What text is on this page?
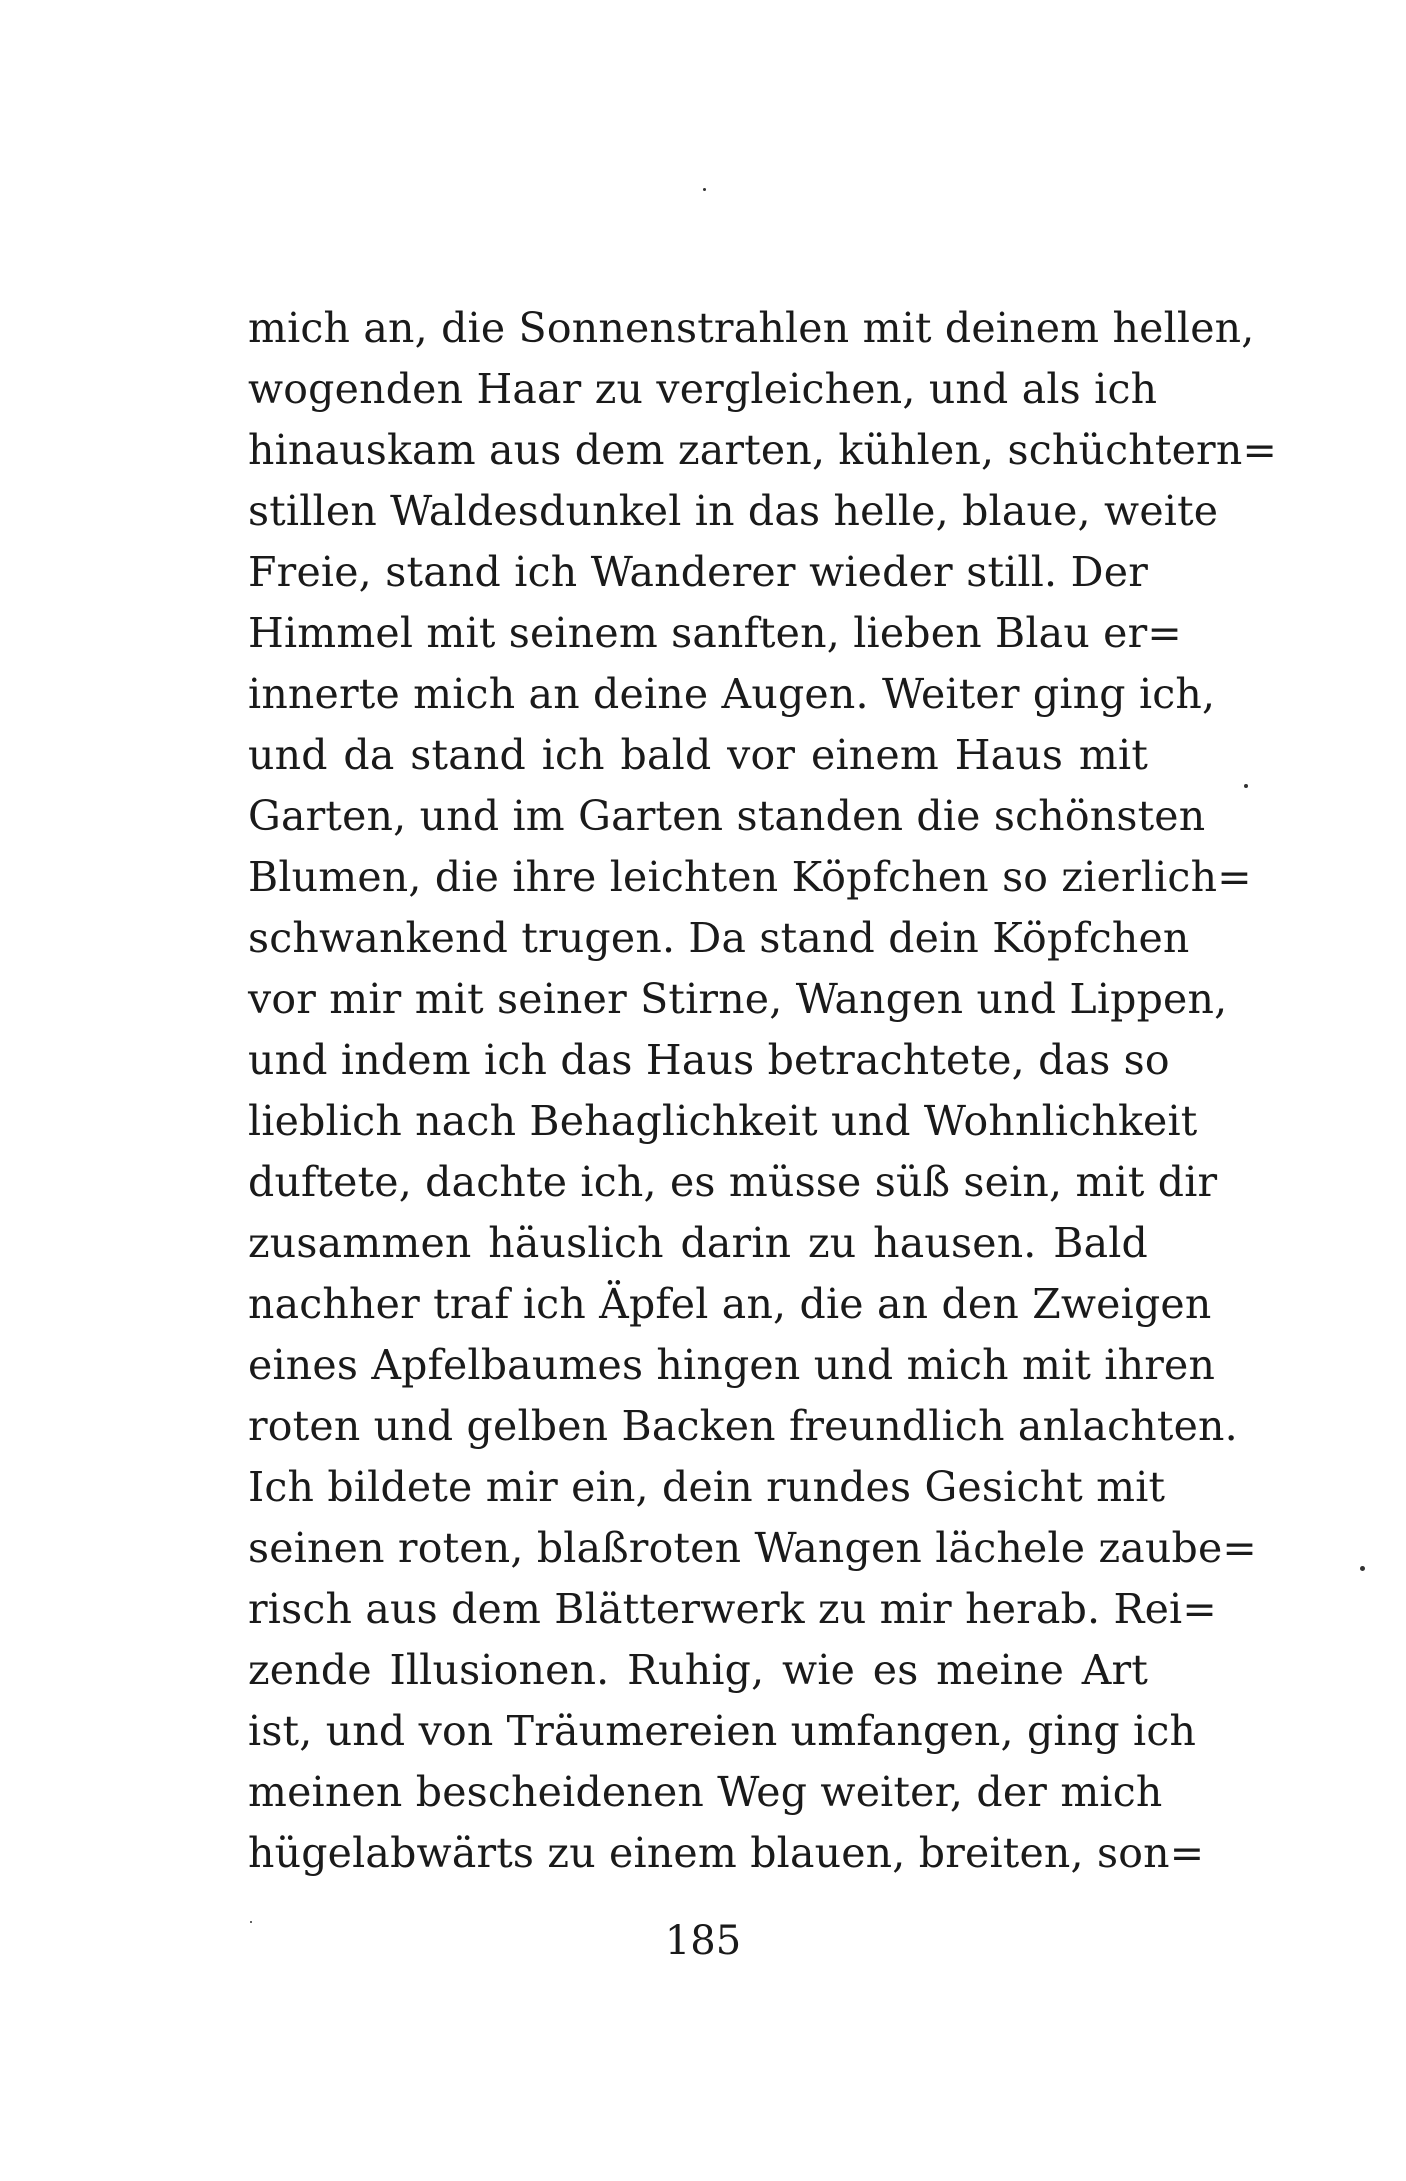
mich an, die Sonnenstrahlen mit deinem hellen,
wogenden Haar zu vergleichen, und als ich
hinauskam aus dem zarten, kühlen, schüchtern=
stillen Waldesdunkel in das helle, blaue, weite
Freie, stand ich Wanderer wieder still. Der
Himmel mit seinem sanften, lieben Blau er=
innerte mich an deine Augen. Weiter ging ich,
und da stand ich bald vor einem Haus mit
Garten, und im Garten standen die schönsten
Blumen, die ihre leichten Köpfchen so zierlich=
schwankend trugen. Da stand dein Köpfchen
vor mir mit seiner Stirne, Wangen und Lippen,
und indem ich das Haus betrachtete, das so
lieblich nach Behaglichkeit und Wohnlichkeit
duftete, dachte ich, es müsse süß sein, mit dir
zusammen häuslich darin zu hausen. Bald
nachher traf ich Äpfel an, die an den Zweigen
eines Apfelbaumes hingen und mich mit ihren
roten und gelben Backen freundlich anlachten.
Ich bildete mir ein, dein rundes Gesicht mit
seinen roten, blaßroten Wangen lächele zaube=
risch aus dem Blätterwerk zu mir herab. Rei=
zende Illusionen. Ruhig, wie es meine Art
ist, und von Träumereien umfangen, ging ich
meinen bescheidenen Weg weiter, der mich
hügelabwärts zu einem blauen, breiten, son=
185
